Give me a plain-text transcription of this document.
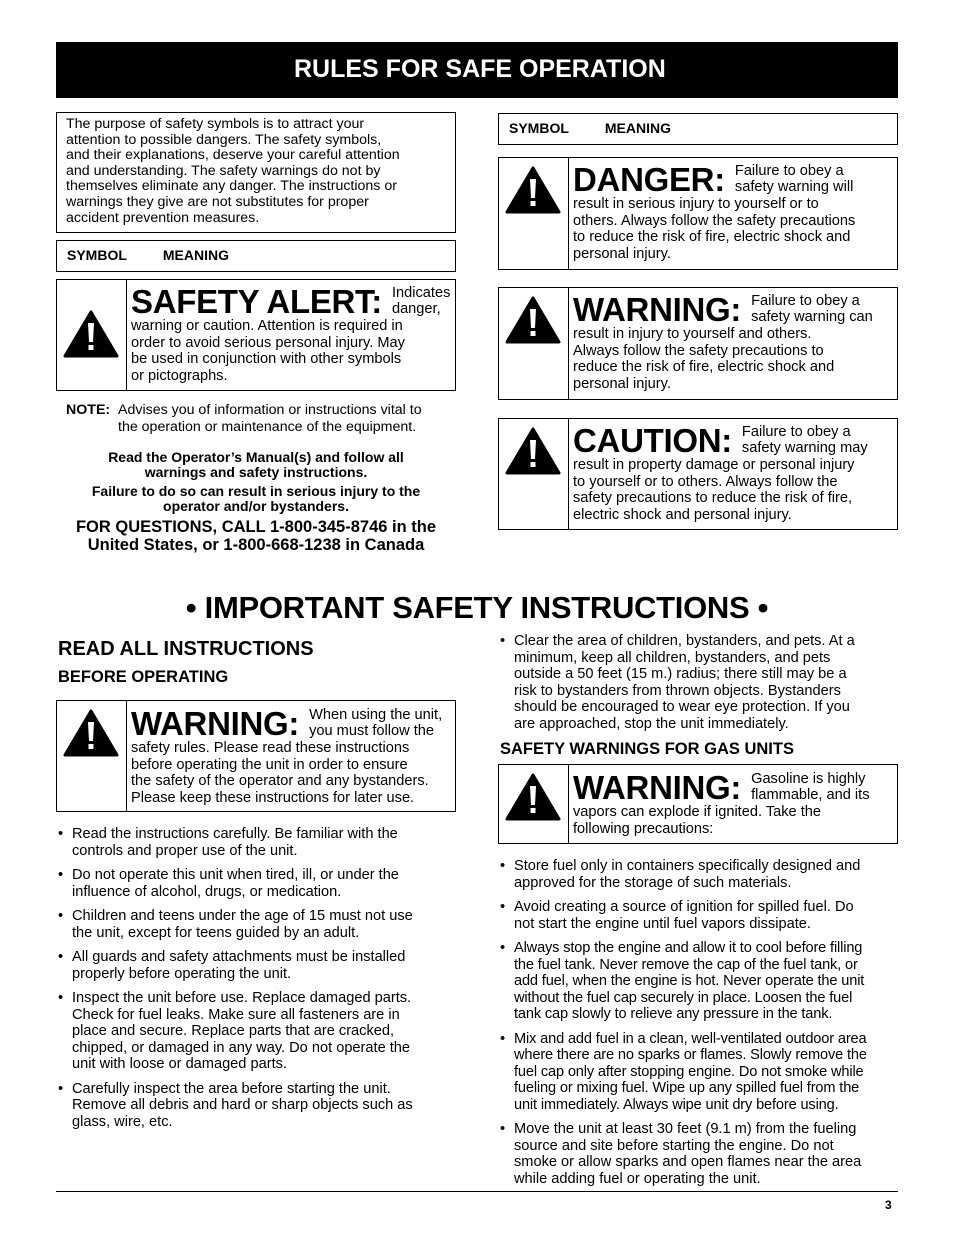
RULES FOR SAFE OPERATION
The purpose of safety symbols is to attract your
attention to possible dangers. The safety symbols,
and their explanations, deserve your careful attention
and understanding. The safety warnings do not by
themselves eliminate any danger. The instructions or
warnings they give are not substitutes for proper
accident prevention measures.
SYMBOL	MEANING
SAFETY ALERT: Indicates
danger,
warning or caution. Attention is required in
order to avoid serious personal injury. May
be used in conjunction with other symbols
or pictographs.
NOTE: Advises you of information or instructions vital to
the operation or maintenance of the equipment.
Read the Operator’s Manual(s) and follow all
warnings and safety instructions.
Failure to do so can result in serious injury to the
operator and/or bystanders.
FOR QUESTIONS, CALL 1-800-345-8746 in the
United States, or 1-800-668-1238 in Canada
SYMBOL	MEANING
DANGER: Failure to obey a
safety warning will
result in serious injury to yourself or to
others. Always follow the safety precautions
to reduce the risk of fire, electric shock and
personal injury.
WARNING: Failure to obey a
safety warning can
result in injury to yourself and others.
Always follow the safety precautions to
reduce the risk of fire, electric shock and
personal injury.
CAUTION: Failure to obey a
safety warning may
result in property damage or personal injury
to yourself or to others. Always follow the
safety precautions to reduce the risk of fire,
electric shock and personal injury.
• IMPORTANT SAFETY INSTRUCTIONS •
READ ALL INSTRUCTIONS
BEFORE OPERATING
WARNING: When using the unit,
you must follow the
safety rules. Please read these instructions
before operating the unit in order to ensure
the safety of the operator and any bystanders.
Please keep these instructions for later use.
• Read the instructions carefully. Be familiar with the
controls and proper use of the unit.
• Do not operate this unit when tired, ill, or under the
influence of alcohol, drugs, or medication.
• Children and teens under the age of 15 must not use
the unit, except for teens guided by an adult.
• All guards and safety attachments must be installed
properly before operating the unit.
• Inspect the unit before use. Replace damaged parts.
Check for fuel leaks. Make sure all fasteners are in
place and secure. Replace parts that are cracked,
chipped, or damaged in any way. Do not operate the
unit with loose or damaged parts.
• Carefully inspect the area before starting the unit.
Remove all debris and hard or sharp objects such as
glass, wire, etc.
• Clear the area of children, bystanders, and pets. At a
minimum, keep all children, bystanders, and pets
outside a 50 feet (15 m.) radius; there still may be a
risk to bystanders from thrown objects. Bystanders
should be encouraged to wear eye protection. If you
are approached, stop the unit immediately.
SAFETY WARNINGS FOR GAS UNITS
WARNING: Gasoline is highly
flammable, and its
vapors can explode if ignited. Take the
following precautions:
• Store fuel only in containers specifically designed and
approved for the storage of such materials.
• Avoid creating a source of ignition for spilled fuel. Do
not start the engine until fuel vapors dissipate.
• Always stop the engine and allow it to cool before filling
the fuel tank. Never remove the cap of the fuel tank, or
add fuel, when the engine is hot. Never operate the unit
without the fuel cap securely in place. Loosen the fuel
tank cap slowly to relieve any pressure in the tank.
• Mix and add fuel in a clean, well-ventilated outdoor area
where there are no sparks or flames. Slowly remove the
fuel cap only after stopping engine. Do not smoke while
fueling or mixing fuel. Wipe up any spilled fuel from the
unit immediately. Always wipe unit dry before using.
• Move the unit at least 30 feet (9.1 m) from the fueling
source and site before starting the engine. Do not
smoke or allow sparks and open flames near the area
while adding fuel or operating the unit.
3
